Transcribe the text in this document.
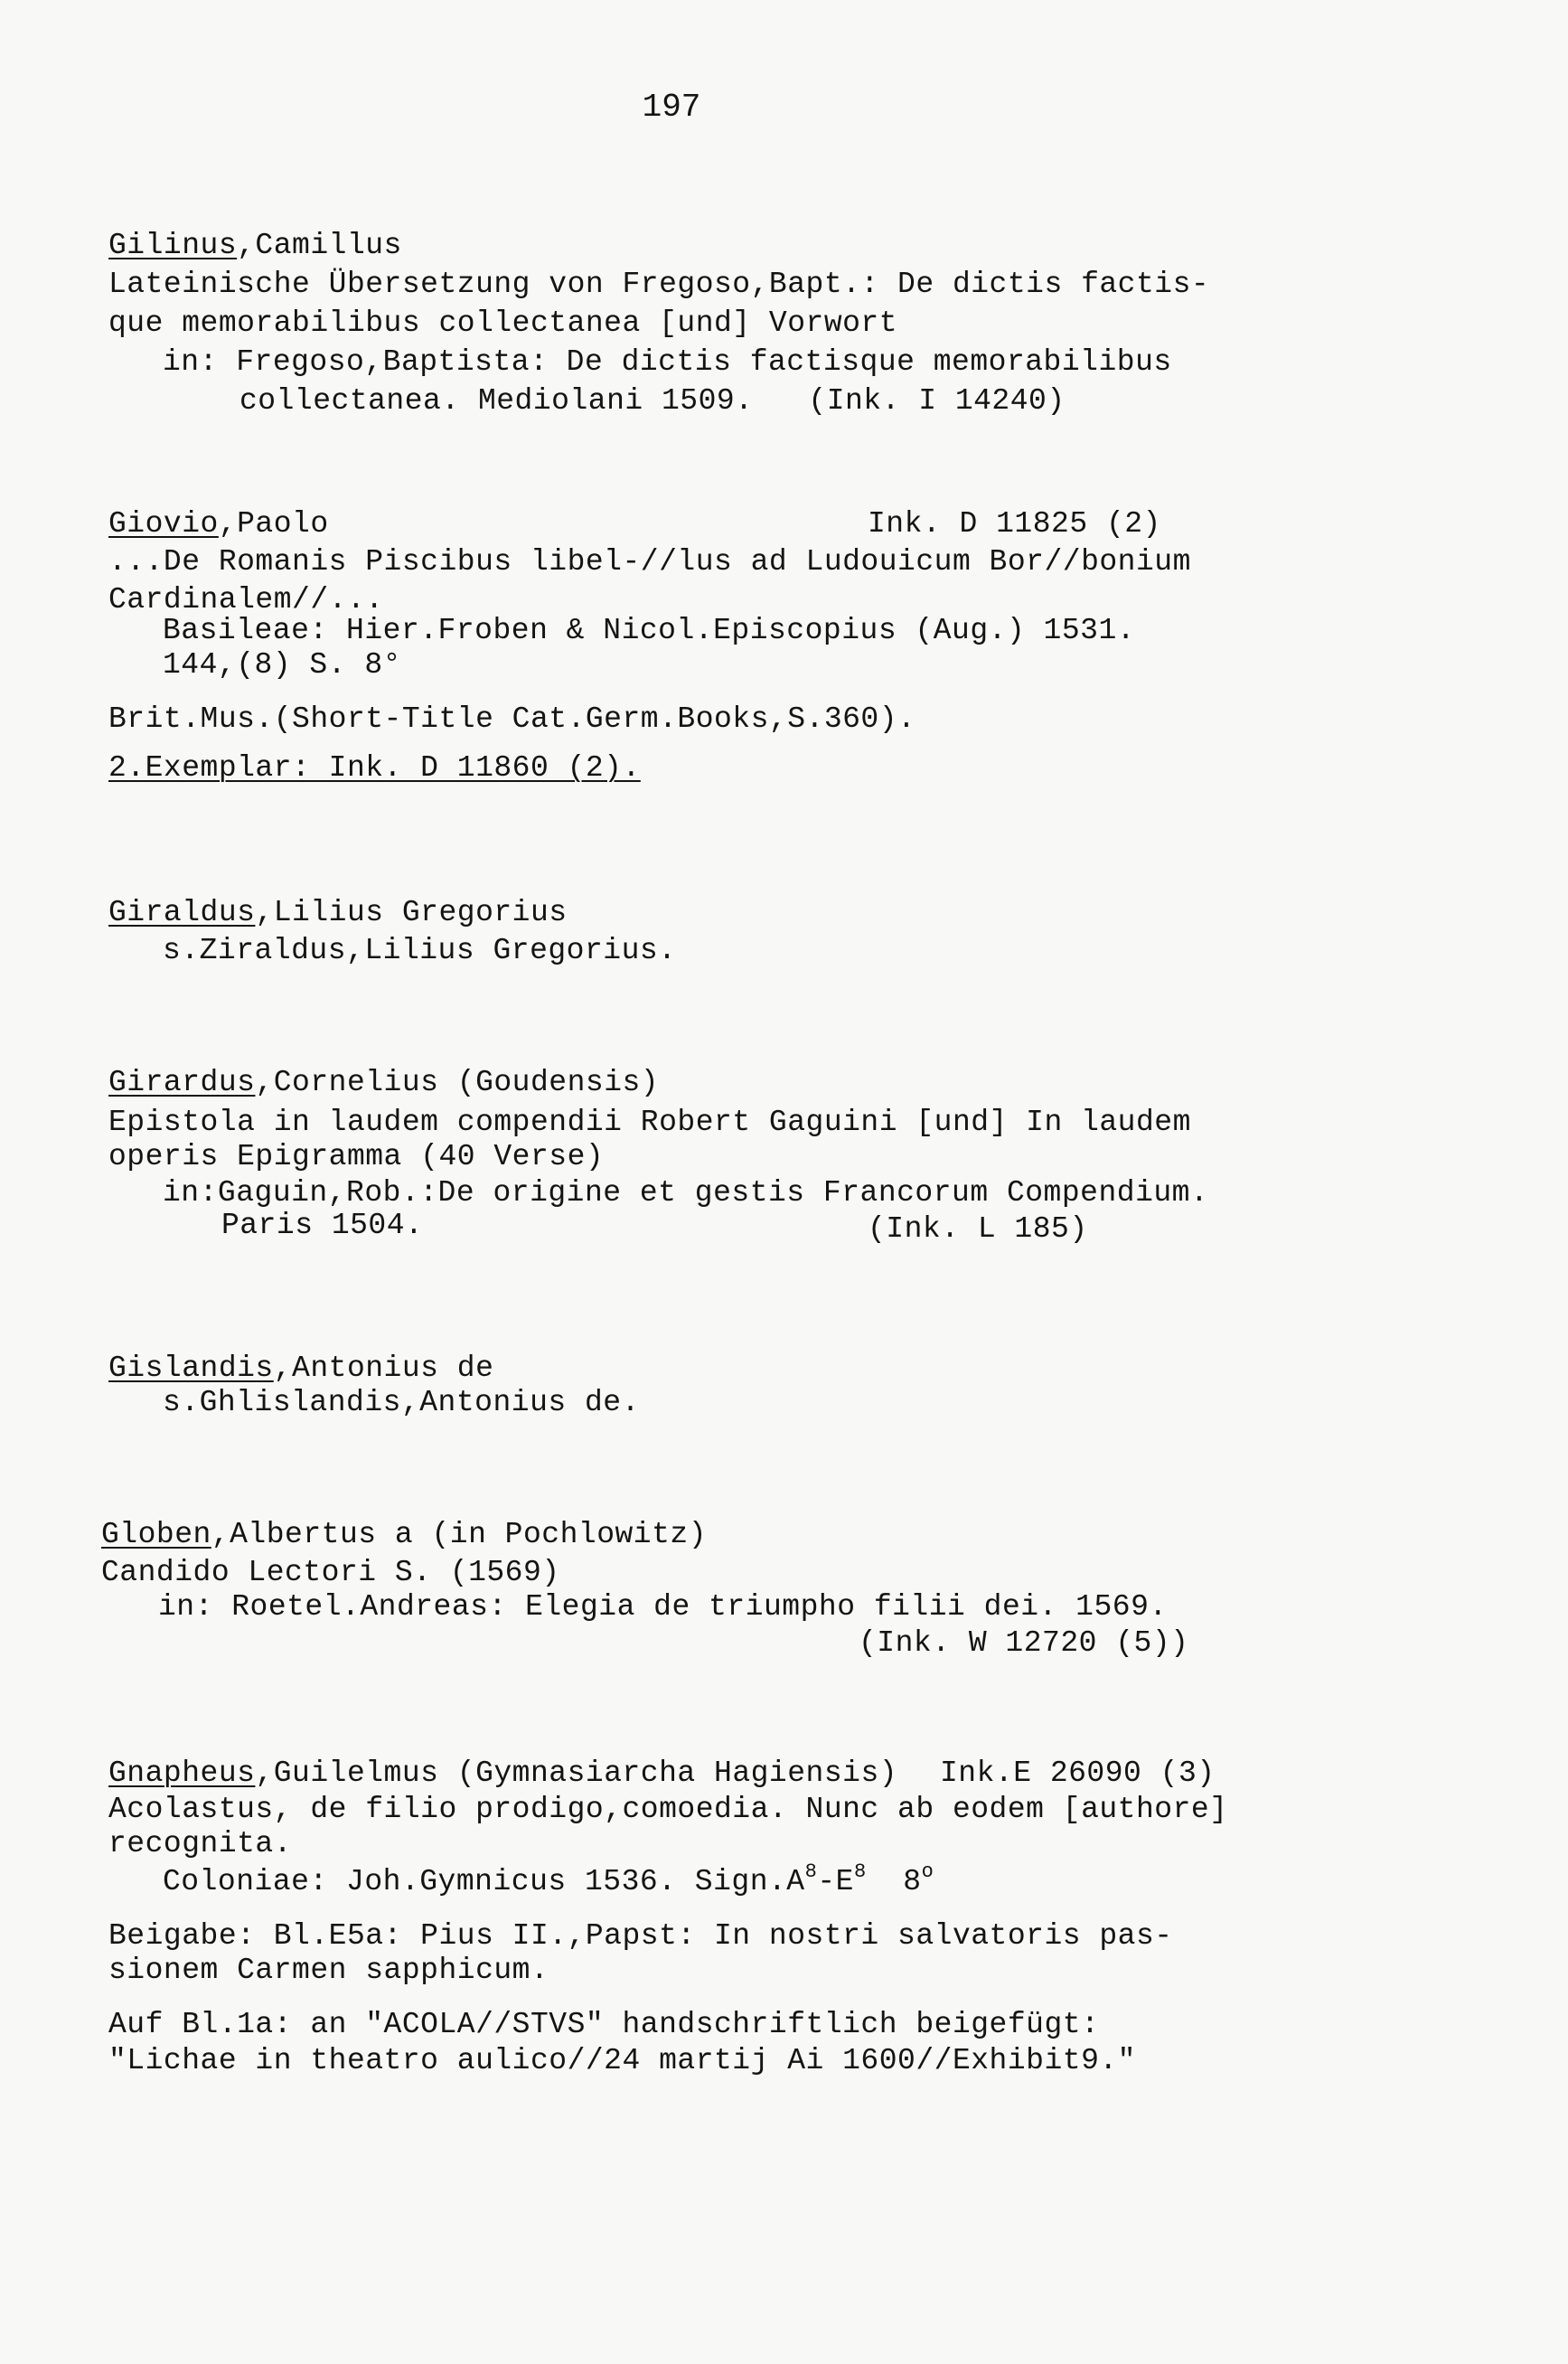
197
Gilinus,Camillus
Lateinische Übersetzung von Fregoso,Bapt.: De dictis factis-
que memorabilibus collectanea [und] Vorwort
in: Fregoso,Baptista: De dictis factisque memorabilibus
collectanea. Mediolani 1509.   (Ink. I 14240)
Giovio,Paolo	Ink. D 11825 (2)
...De Romanis Piscibus libel-//lus ad Ludouicum Bor//bonium
Cardinalem//...
Basileae: Hier.Froben & Nicol.Episcopius (Aug.) 1531.
144,(8) S. 8°
Brit.Mus.(Short-Title Cat.Germ.Books,S.360).
2.Exemplar: Ink. D 11860 (2).
Giraldus,Lilius Gregorius
s.Ziraldus,Lilius Gregorius.
Girardus,Cornelius (Goudensis)
Epistola in laudem compendii Robert Gaguini [und] In laudem
operis Epigramma (40 Verse)
in:Gaguin,Rob.:De origine et gestis Francorum Compendium.
Paris 1504.	(Ink. L 185)
Gislandis,Antonius de
s.Ghlislandis,Antonius de.
Globen,Albertus a (in Pochlowitz)
Candido Lectori S. (1569)
in: Roetel.Andreas: Elegia de triumpho filii dei. 1569.
(Ink. W 12720 (5))
Gnapheus,Guilelmus (Gymnasiarcha Hagiensis) Ink.E 26090 (3)
Acolastus, de filio prodigo,comoedia. Nunc ab eodem [authore]
recognita.
Coloniae: Joh.Gymnicus 1536. $Sign.A^8-E^8$  8$^o$
Beigabe: Bl.E5a: Pius II.,Papst: In nostri salvatoris pas-
sionem Carmen sapphicum.
Auf Bl.1a: an "ACOLA//STVS" handschriftlich beigefügt:
"Lichae in theatro aulico//24 martij Ai 1600//Exhibit9."
